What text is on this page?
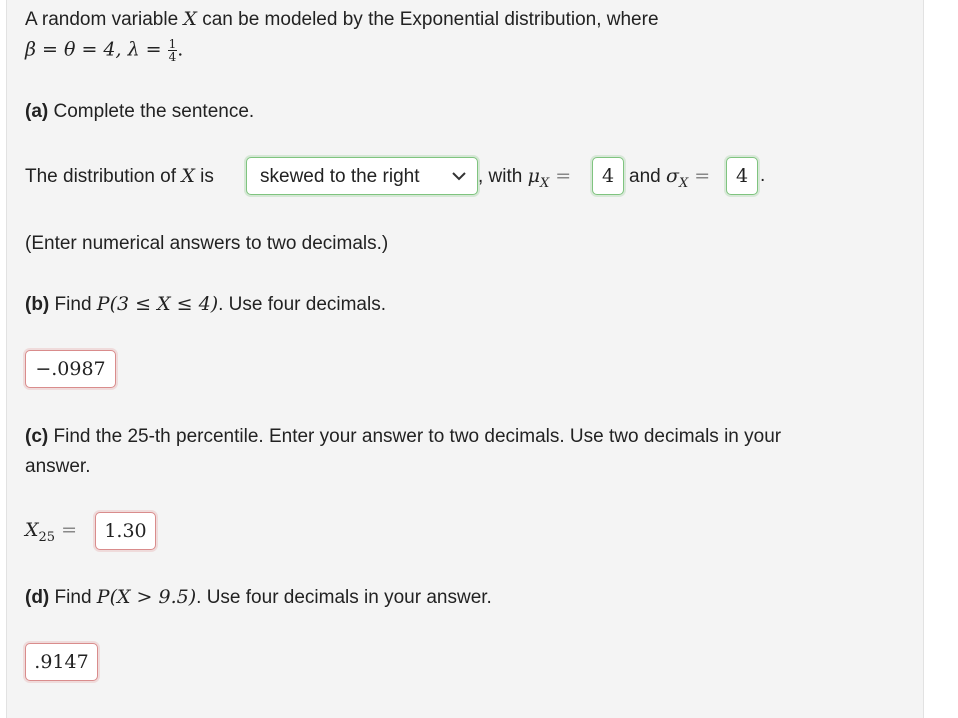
A random variable X can be modeled by the Exponential distribution, where
β = θ = 4, $\lambda = \frac{1}{4}$ .
(a) Complete the sentence.
The distribution of X is	skewed to the right	, with $\mu_X$ =	4 and $\sigma_X$ =	4 .
(Enter numerical answers to two decimals.)
(b) Find P(3 ≤ X ≤ 4). Use four decimals.
−.0987
(c) Find the 25-th percentile. Enter your answer to two decimals. Use two decimals in your
answer.
$X_{25}$ =	1.30
(d) Find P(X > 9.5). Use four decimals in your answer.
.9147
